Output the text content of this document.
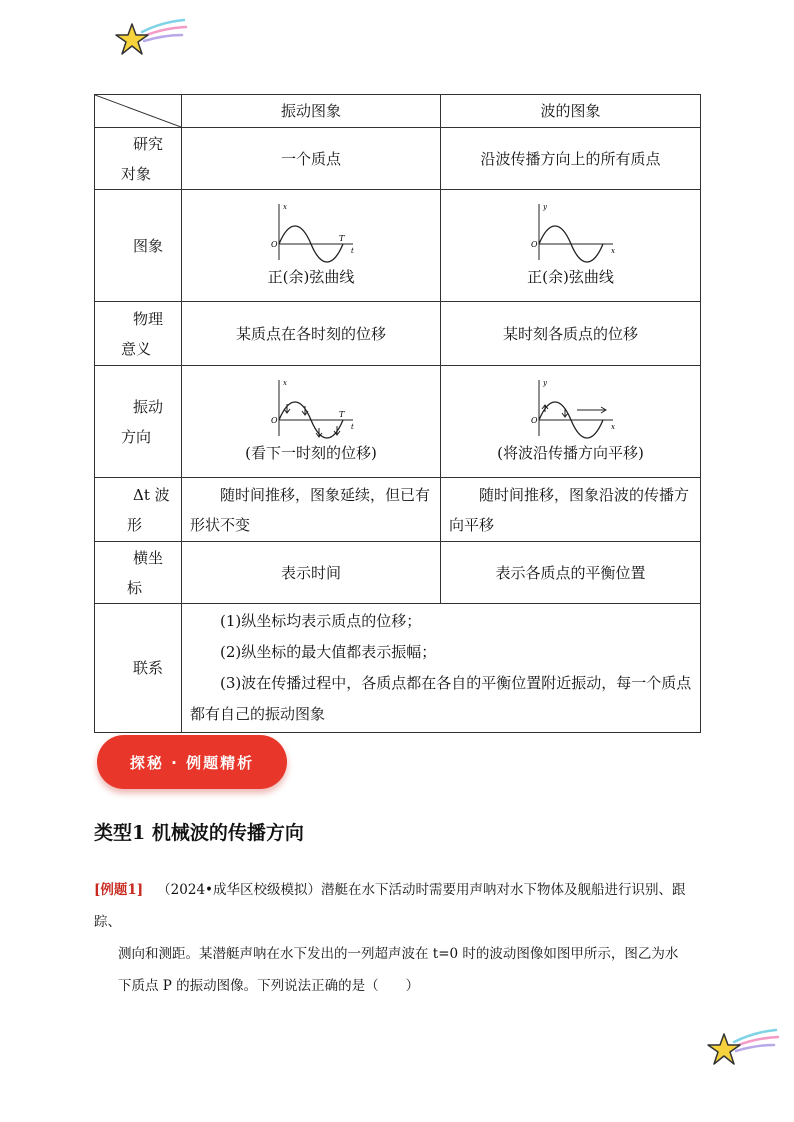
	振动图象	波的图象

研究
对象	一个质点	沿波传播方向上的所有质点
图象	x
t
O
T
正(余)弦曲线	y
x
O
正(余)弦曲线

物理
意义	某质点在各时刻的位移	某时刻各质点的位移

振动
方向	x
t
O
T
(看下一时刻的位移)	y
x
O
(将波沿传播方向平移)

Δt 波
形	随时间推移，图象延续，但已有形状不变	随时间推移，图象沿波的传播方向平移

横坐
标	表示时间	表示各质点的平衡位置
联系	(1)纵坐标均表示质点的位移；

(2)纵坐标的最大值都表示振幅；

(3)波在传播过程中，各质点都在各自的平衡位置附近振动，每一个质点都有自己的振动图象	

探秘 · 例题精析
类型1 机械波的传播方向

[例题1] （2024•成华区校级模拟）潜艇在水下活动时需要用声呐对水下物体及舰船进行识别、跟踪、

测向和测距。某潜艇声呐在水下发出的一列超声波在 t=0 时的波动图像如图甲所示，图乙为水

下质点 P 的振动图像。下列说法正确的是（　　）
